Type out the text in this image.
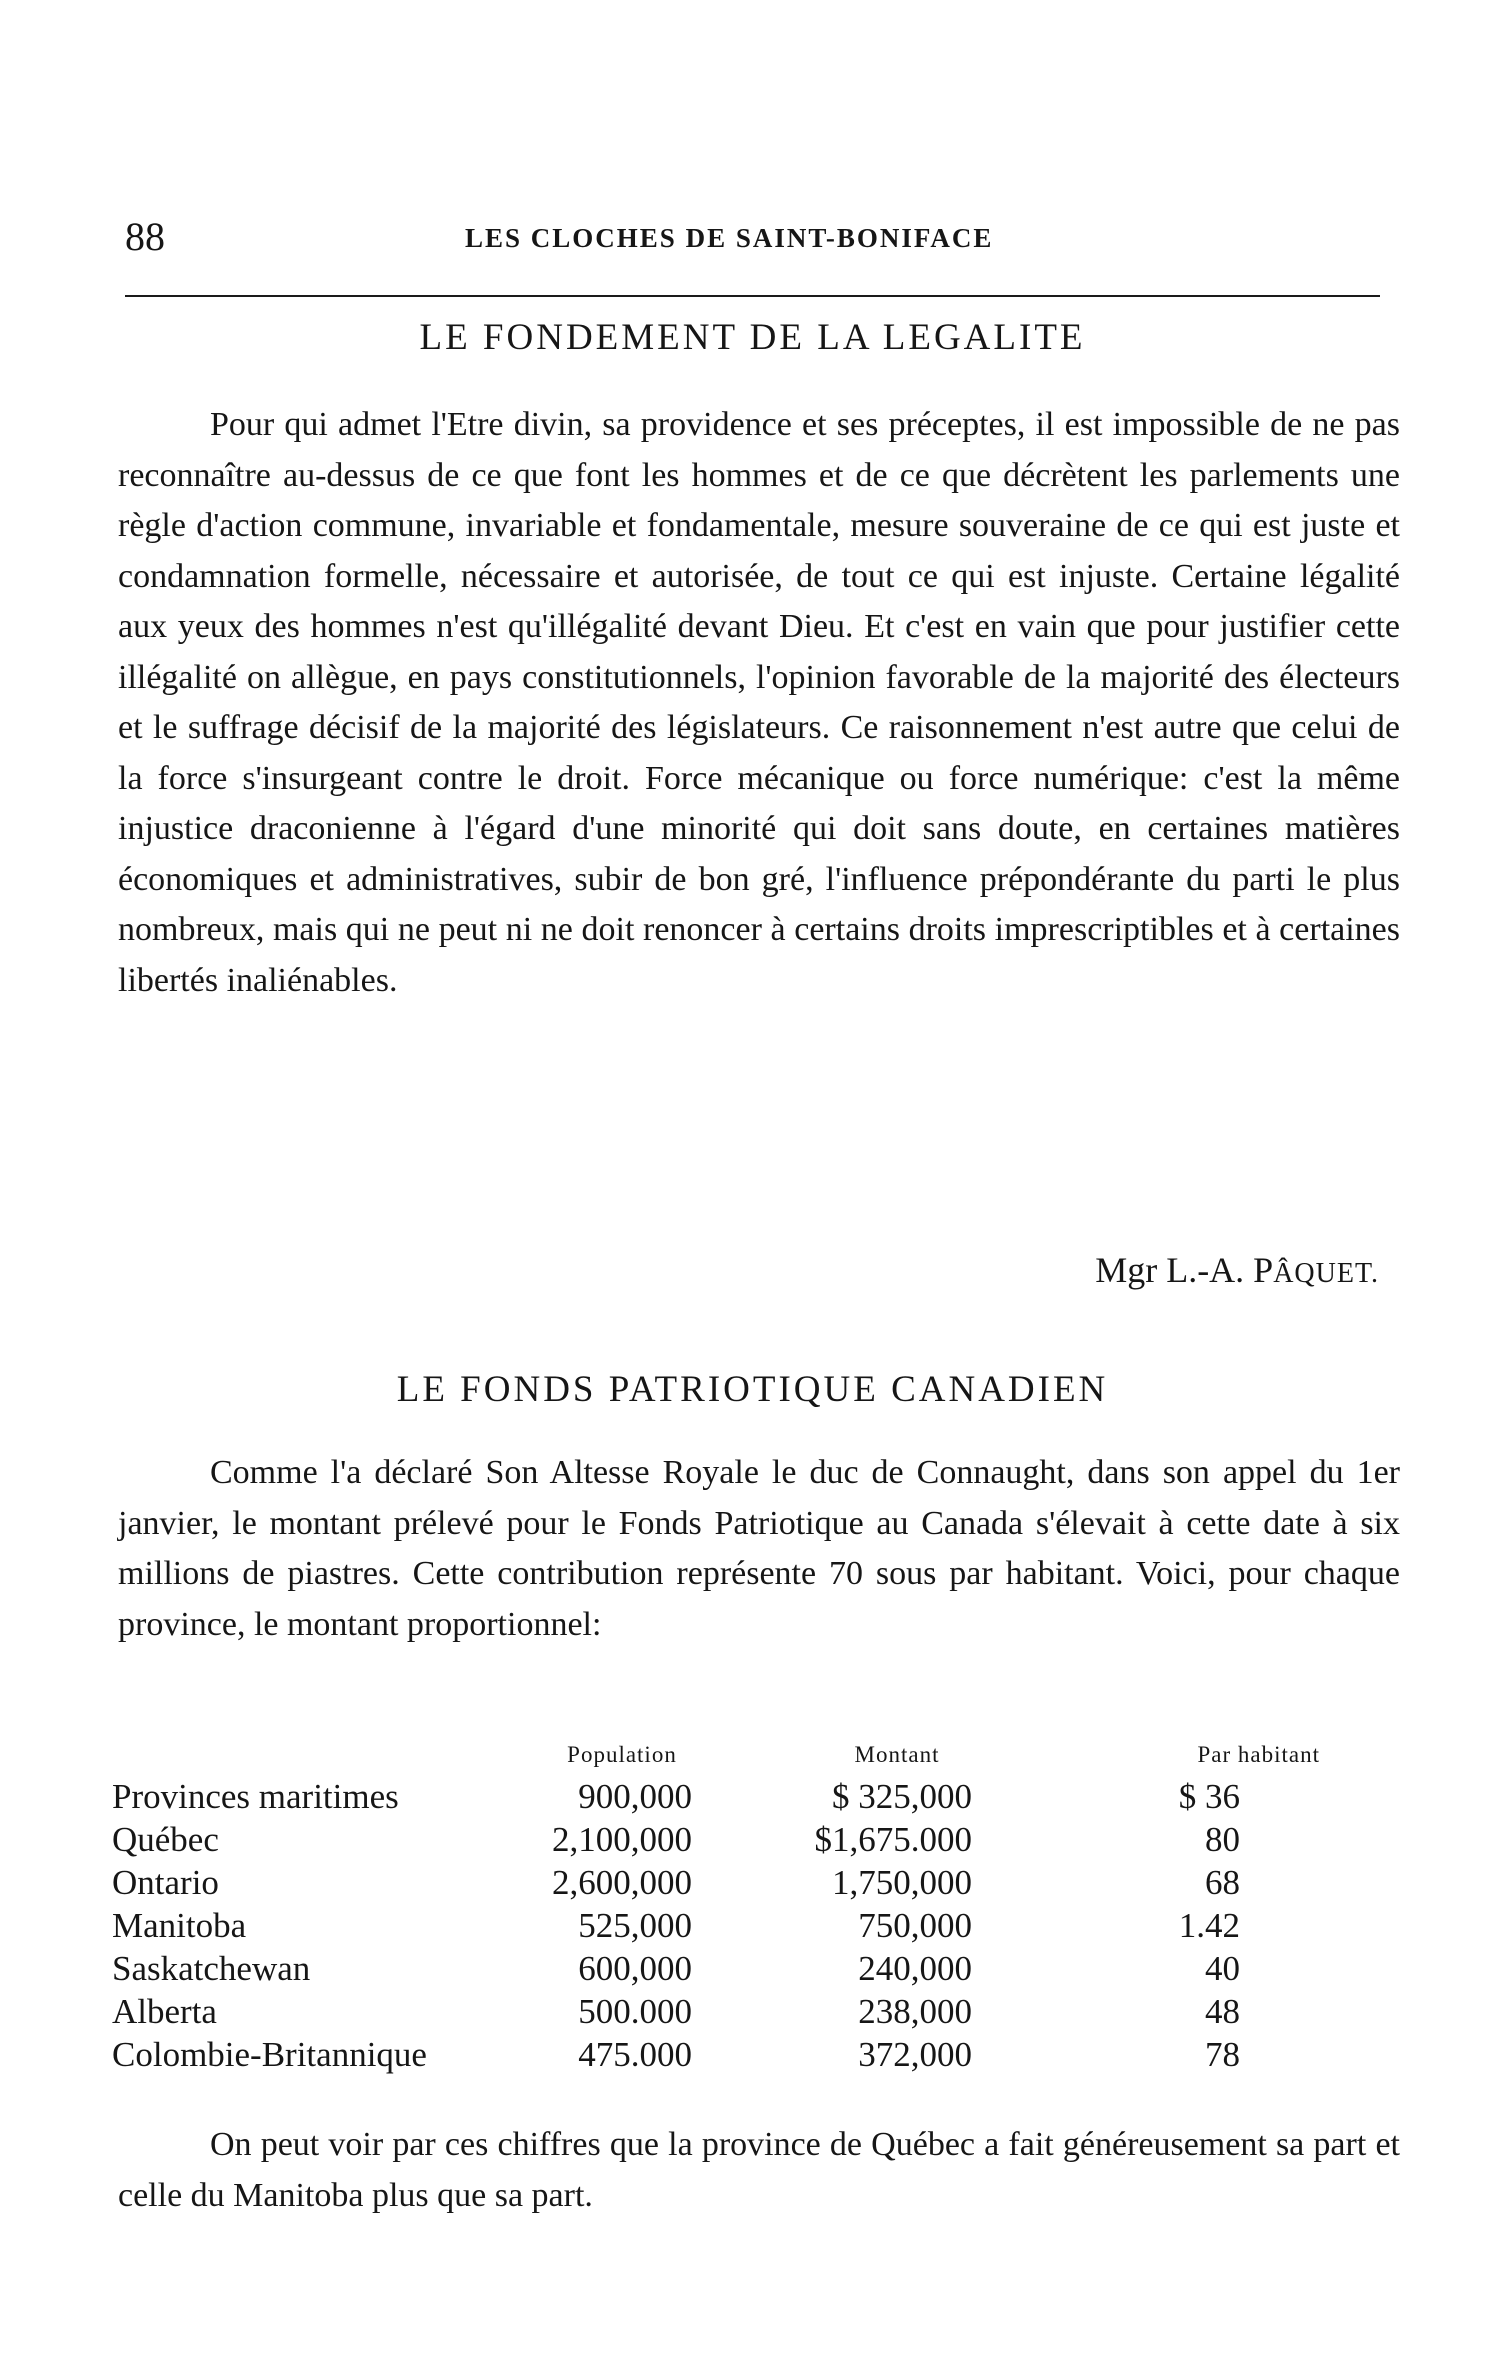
88	LES CLOCHES DE SAINT-BONIFACE
LE FONDEMENT DE LA LEGALITE

Pour qui admet l'Etre divin, sa providence et ses préceptes, il est impossible de ne pas reconnaître au-dessus de ce que font les hommes et de ce que décrètent les parlements une règle d'action commune, invariable et fondamentale, mesure souveraine de ce qui est juste et condamnation formelle, nécessaire et autorisée, de tout ce qui est injuste. Certaine légalité aux yeux des hommes n'est qu'illégalité devant Dieu. Et c'est en vain que pour justifier cette illégalité on allègue, en pays constitutionnels, l'opinion favorable de la majorité des électeurs et le suffrage décisif de la majorité des législateurs. Ce raisonnement n'est autre que celui de la force s'insurgeant contre le droit. Force mécanique ou force numérique: c'est la même injustice draconienne à l'égard d'une minorité qui doit sans doute, en certaines matières économiques et administratives, subir de bon gré, l'influence prépondérante du parti le plus nombreux, mais qui ne peut ni ne doit renoncer à certains droits imprescriptibles et à certaines libertés inaliénables.

Mgr L.-A. PÂQUET.
LE FONDS PATRIOTIQUE CANADIEN

Comme l'a déclaré Son Altesse Royale le duc de Connaught, dans son appel du 1er janvier, le montant prélevé pour le Fonds Patriotique au Canada s'élevait à cette date à six millions de piastres. Cette contribution représente 70 sous par habitant. Voici, pour chaque province, le montant proportionnel:

	Population	Montant	Par habitant
Provinces maritimes	900,000	$ 325,000	$ 36
Québec	2,100,000	$1,675.000	80
Ontario	2,600,000	1,750,000	68
Manitoba	525,000	750,000	1.42
Saskatchewan	600,000	240,000	40
Alberta	500.000	238,000	48
Colombie-Britannique	475.000	372,000	78

On peut voir par ces chiffres que la province de Québec a fait généreusement sa part et celle du Manitoba plus que sa part.
